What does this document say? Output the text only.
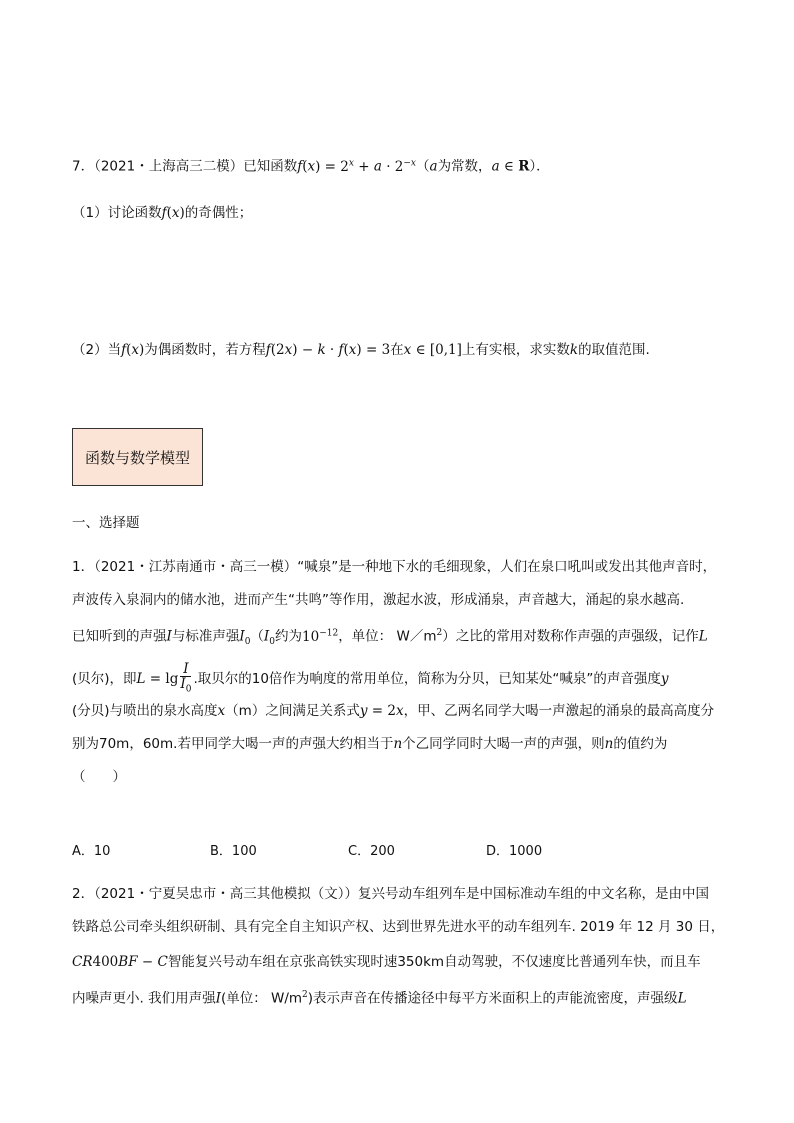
7．（2021・上海高三二模）已知函数$f(x) = 2^x + a \cdot 2^{-x}(a$为常数，a ∈ R）．
（1）讨论函数f(x)的奇偶性；
（2）当f(x)为偶函数时，若方程f(2x) − k · f(x) = 3在x ∈ [0,1]上有实根，求实数k的取值范围.
函数与数学模型
一、选择题
1．（2021・江苏南通市・高三一模）“喊泉”是一种地下水的毛细现象，人们在泉口吼叫或发出其他声音时，
声波传入泉洞内的储水池，进而产生“共鸣”等作用，激起水波，形成涌泉，声音越大，涌起的泉水越高.
已知听到的声强I与标准声强$I_0(I_0$约为$10^{-12}$，单位： $W/m^2$）之比的常用对数称作声强的声强级，记作L
(贝尔)，即 $L = \lg \frac{I}{I_0}$ .取贝尔的10倍作为响度的常用单位，简称为分贝，已知某处“喊泉”的声音强度 y
(分贝)与喷出的泉水高度x（m）之间满足关系式y = 2x，甲、乙两名同学大喝一声激起的涌泉的最高高度分
别为70m，60m.若甲同学大喝一声的声强大约相当于n个乙同学同时大喝一声的声强，则n的值约为
（　　）
A．10	B．100	C．200	D．1000
2．（2021・宁夏吴忠市・高三其他模拟（文））复兴号动车组列车是中国标准动车组的中文名称，是由中国
铁路总公司牵头组织研制、具有完全自主知识产权、达到世界先进水平的动车组列车. 2019 年 12 月 30 日，
CR400BF − C智能复兴号动车组在京张高铁实现时速350km自动驾驶，不仅速度比普通列车快，而且车
内噪声更小. 我们用声强I(单位： $W/m^2$)表示声音在传播途径中每平方米面积上的声能流密度，声强级L
